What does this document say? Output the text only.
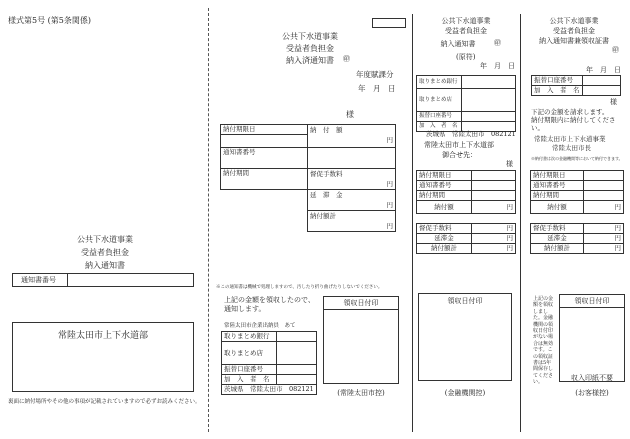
様式第5号 (第5条関係)
公共下水道事業
受益者負担金
納入通知書
通知書番号
常陸太田市上下水道部
裏面に納付場所やその他の事項が記載されていますので必ずお読みください。
公共下水道事業
受益者負担金
納入済通知書	㊞
年度賦課分
年　月　日
様
納付期限日	納　付　額
円

通知書番号	
納付期間	督促手数料
円

	延　滞　金
円

	納付額計
円
※この通知書は機械で処理しますので、汚したり折り曲げたりしないでください。
上記の金額を領収したので、通知します。
常陸太田市企業出納員　あて
取りまとめ銀行	
取りまとめ店	
振替口座番号	
加　入　者　名	
茨城県　常陸太田市　082121	
領収日付印
(常陸太田市控)
公共下水道事業
受益者負担金
納入通知書	㊞
(原符)
年　月　日
取りまとめ銀行	
取りまとめ店	
振替口座番号	
加　入　者　名	
茨城県　常陸太田市　082121
常陸太田市上下水道部
御合せ先：
様
納付期限日	
通知書番号	
納付期間	
納付額	円

督促手数料	円
延滞金	円
納付額計	円
領収日付印
(金融機関控)
公共下水道事業
受益者負担金
納入通知書兼領収証書
㊞
年　月　日
振替口座番号	
加　入　者　名	
様
下記の金額を請求します。
納付期限内に納付してください。
常陸太田市上下水道事業
常陸太田市長
※納付書は次の金融機関等において納付できます。
納付期限日	
通知書番号	
納付期間	
納付額	円

督促手数料	円
延滞金	円
納付額計	円
上記の金額を領収しました。金融機関の領収日付印がない場合は無効です。この領収証書は5年間保存してください。
領収日付印
収入印紙不要
(お客様控)
